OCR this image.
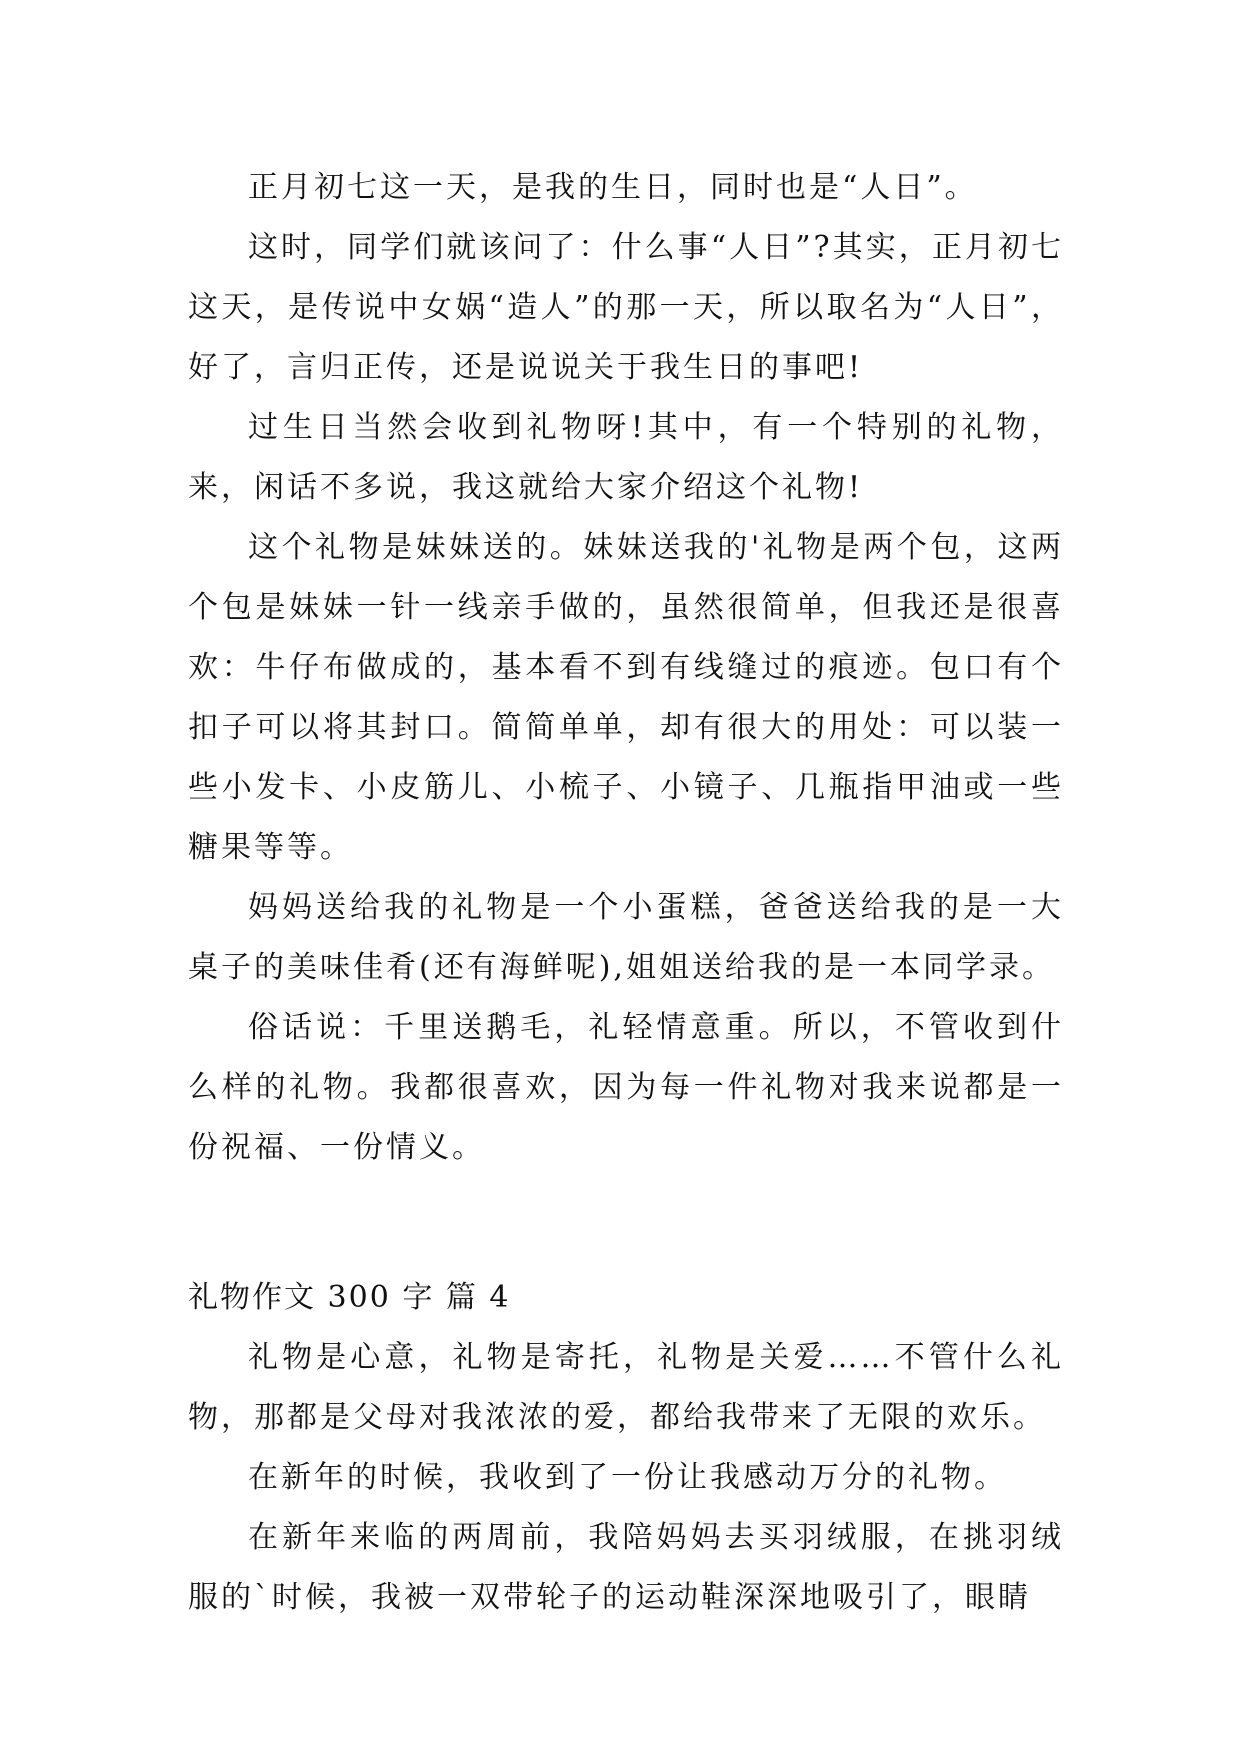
正月初七这一天，是我的生日，同时也是“人日”。

这时，同学们就该问了：什么事“人日”?其实，正月初七这天，是传说中女娲“造人”的那一天，所以取名为“人日”，好了，言归正传，还是说说关于我生日的事吧!

过生日当然会收到礼物呀!其中，有一个特别的礼物，来，闲话不多说，我这就给大家介绍这个礼物!

这个礼物是妹妹送的。妹妹送我的'礼物是两个包，这两个包是妹妹一针一线亲手做的，虽然很简单，但我还是很喜欢：牛仔布做成的，基本看不到有线缝过的痕迹。包口有个扣子可以将其封口。简简单单，却有很大的用处：可以装一些小发卡、小皮筋儿、小梳子、小镜子、几瓶指甲油或一些糖果等等。

妈妈送给我的礼物是一个小蛋糕，爸爸送给我的是一大桌子的美味佳肴(还有海鲜呢),姐姐送给我的是一本同学录。

俗话说：千里送鹅毛，礼轻情意重。所以，不管收到什么样的礼物。我都很喜欢，因为每一件礼物对我来说都是一份祝福、一份情义。

礼物作文 300 字 篇 4

礼物是心意，礼物是寄托，礼物是关爱……不管什么礼物，那都是父母对我浓浓的爱，都给我带来了无限的欢乐。

在新年的时候，我收到了一份让我感动万分的礼物。

在新年来临的两周前，我陪妈妈去买羽绒服，在挑羽绒服的`时候，我被一双带轮子的运动鞋深深地吸引了，眼睛
